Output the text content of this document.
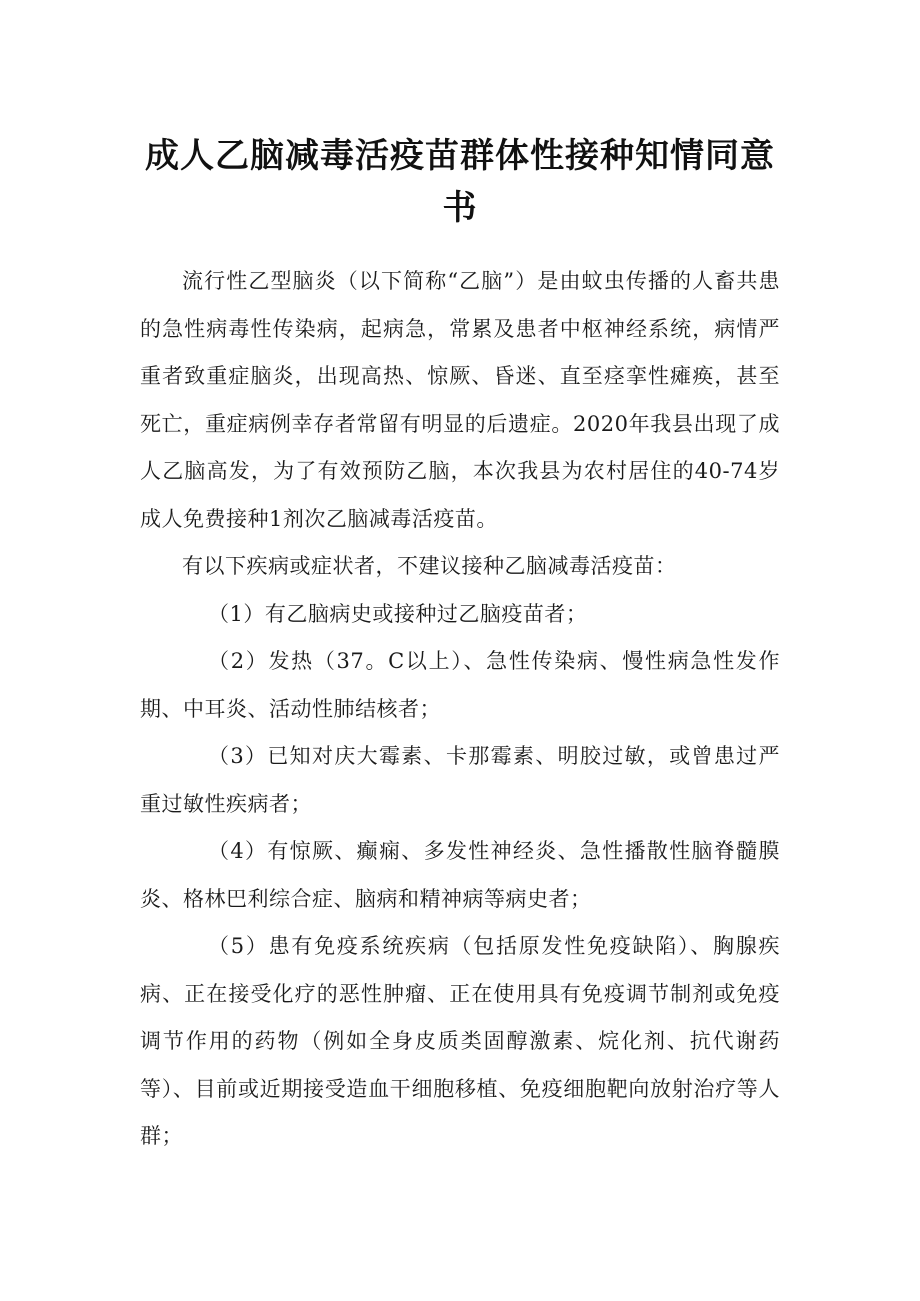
成人乙脑减毒活疫苗群体性接种知情同意书

流行性乙型脑炎（以下简称“乙脑”）是由蚊虫传播的人畜共患的急性病毒性传染病，起病急，常累及患者中枢神经系统，病情严重者致重症脑炎，出现高热、惊厥、昏迷、直至痉挛性瘫痪，甚至死亡，重症病例幸存者常留有明显的后遗症。2020年我县出现了成人乙脑高发，为了有效预防乙脑，本次我县为农村居住的40-74岁成人免费接种1剂次乙脑减毒活疫苗。

有以下疾病或症状者，不建议接种乙脑减毒活疫苗：

（1）有乙脑病史或接种过乙脑疫苗者；

（2）发热（37。C以上）、急性传染病、慢性病急性发作期、中耳炎、活动性肺结核者；

（3）已知对庆大霉素、卡那霉素、明胶过敏，或曾患过严重过敏性疾病者；

（4）有惊厥、癫痫、多发性神经炎、急性播散性脑脊髓膜炎、格林巴利综合症、脑病和精神病等病史者；

（5）患有免疫系统疾病（包括原发性免疫缺陷）、胸腺疾病、正在接受化疗的恶性肿瘤、正在使用具有免疫调节制剂或免疫调节作用的药物（例如全身皮质类固醇激素、烷化剂、抗代谢药等）、目前或近期接受造血干细胞移植、免疫细胞靶向放射治疗等人群；
